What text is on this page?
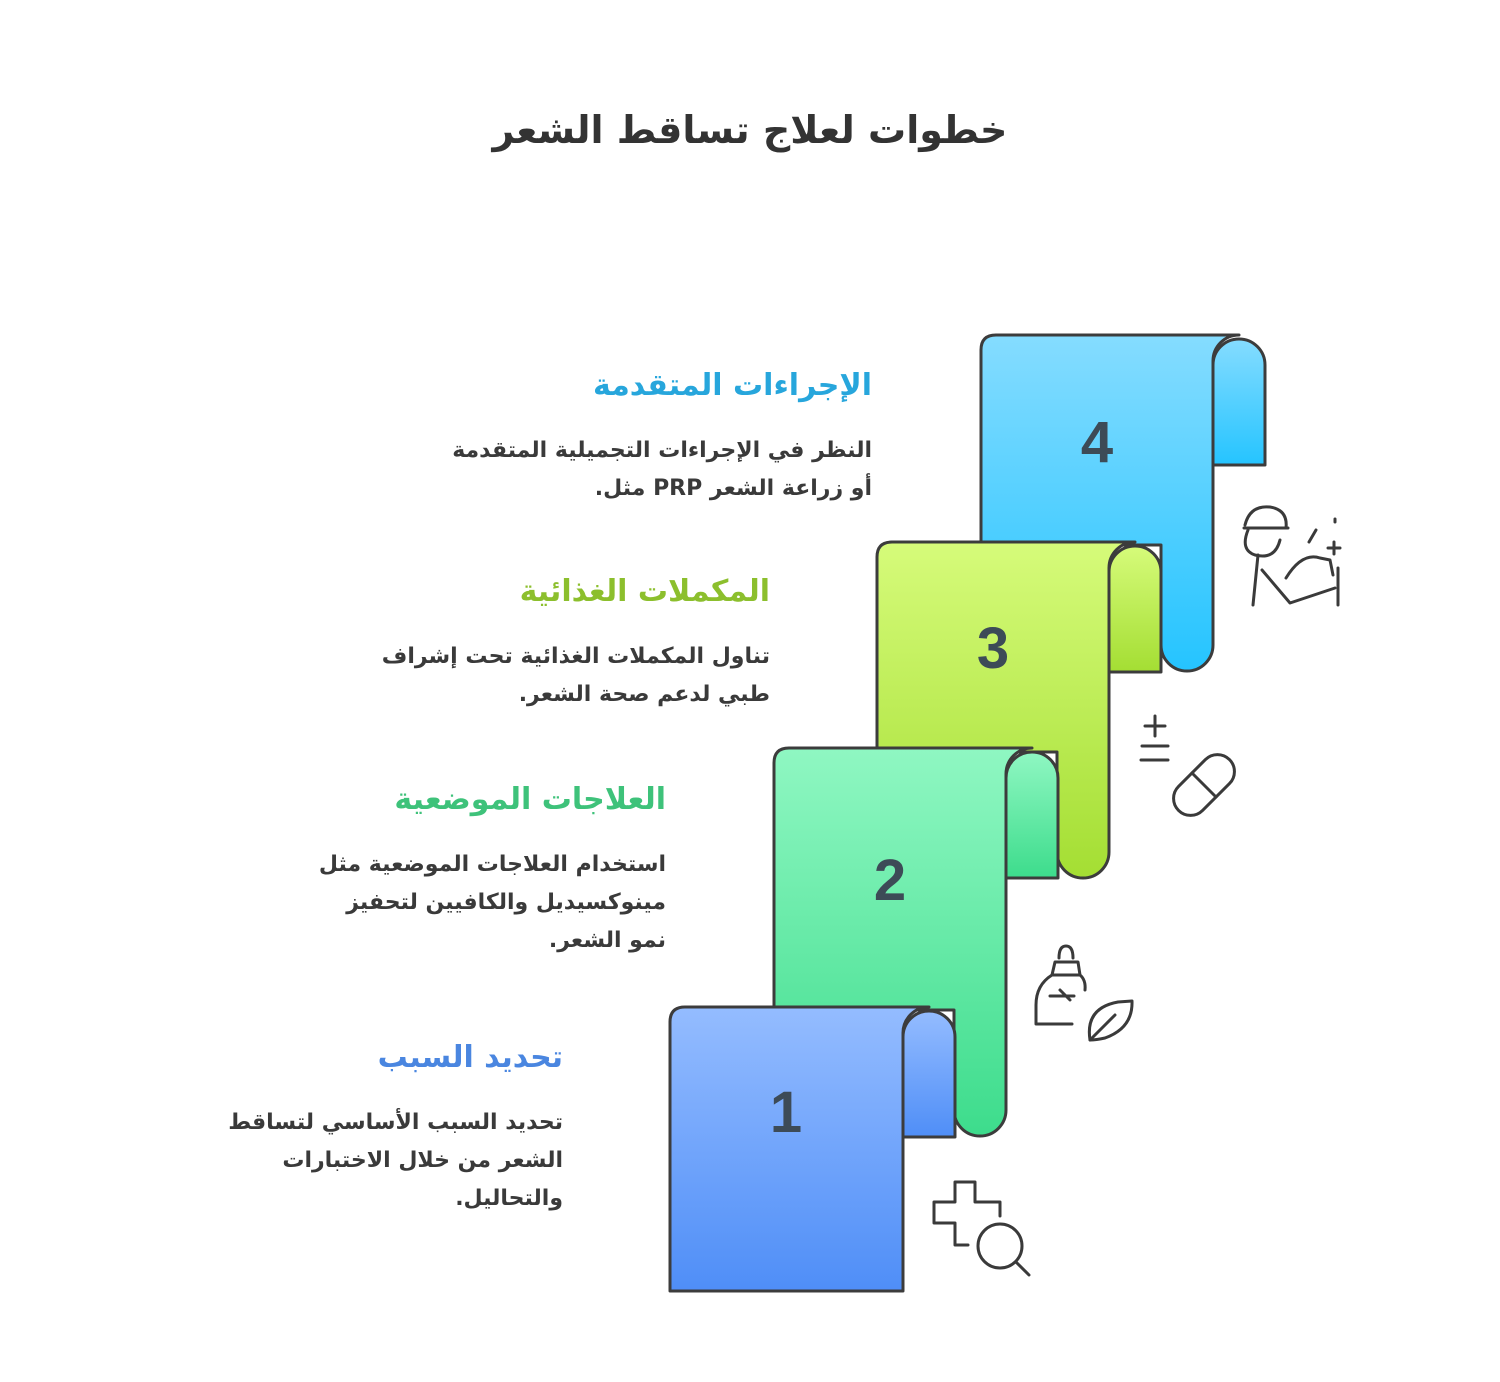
خطوات لعلاج تساقط الشعر
4
3
2
1
الإجراءات المتقدمة
النظر في الإجراءات التجميلية المتقدمة أو زراعة الشعر PRP مثل.
المكملات الغذائية
تناول المكملات الغذائية تحت إشراف طبي لدعم صحة الشعر.
العلاجات الموضعية
استخدام العلاجات الموضعية مثل مينوكسيديل والكافيين لتحفيز نمو الشعر.
تحديد السبب
تحديد السبب الأساسي لتساقط الشعر من خلال الاختبارات والتحاليل.
